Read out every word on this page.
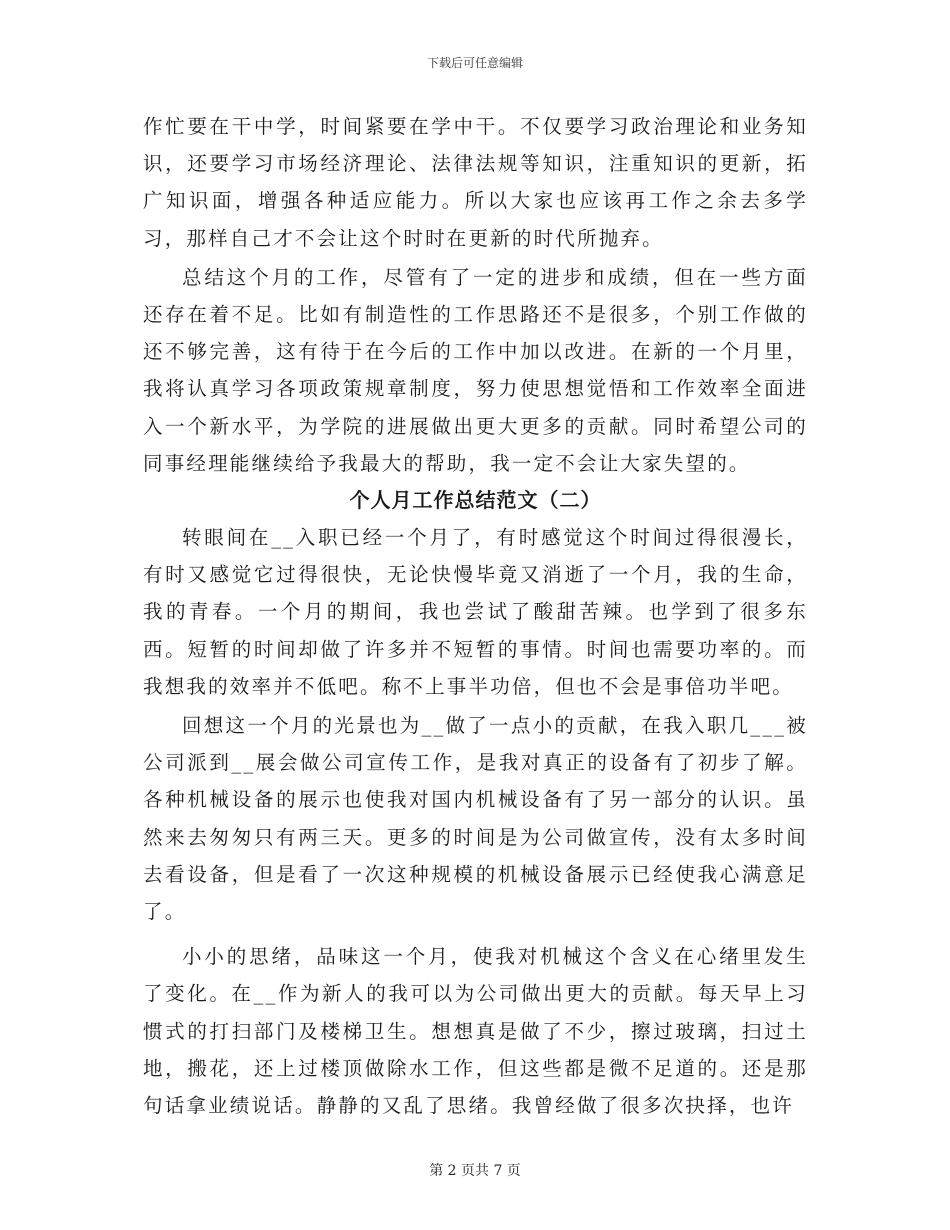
下载后可任意编辑

作忙要在干中学，时间紧要在学中干。不仅要学习政治理论和业务知识，还要学习市场经济理论、法律法规等知识，注重知识的更新，拓广知识面，增强各种适应能力。所以大家也应该再工作之余去多学习，那样自己才不会让这个时时在更新的时代所抛弃。

总结这个月的工作，尽管有了一定的进步和成绩，但在一些方面还存在着不足。比如有制造性的工作思路还不是很多，个别工作做的还不够完善，这有待于在今后的工作中加以改进。在新的一个月里，我将认真学习各项政策规章制度，努力使思想觉悟和工作效率全面进入一个新水平，为学院的进展做出更大更多的贡献。同时希望公司的同事经理能继续给予我最大的帮助，我一定不会让大家失望的。

个人月工作总结范文（二）

转眼间在__入职已经一个月了，有时感觉这个时间过得很漫长，有时又感觉它过得很快，无论快慢毕竟又消逝了一个月，我的生命，我的青春。一个月的期间，我也尝试了酸甜苦辣。也学到了很多东西。短暂的时间却做了许多并不短暂的事情。时间也需要功率的。而我想我的效率并不低吧。称不上事半功倍，但也不会是事倍功半吧。

回想这一个月的光景也为__做了一点小的贡献，在我入职几___被公司派到__展会做公司宣传工作，是我对真正的设备有了初步了解。各种机械设备的展示也使我对国内机械设备有了另一部分的认识。虽然来去匆匆只有两三天。更多的时间是为公司做宣传，没有太多时间去看设备，但是看了一次这种规模的机械设备展示已经使我心满意足了。

小小的思绪，品味这一个月，使我对机械这个含义在心绪里发生了变化。在__作为新人的我可以为公司做出更大的贡献。每天早上习惯式的打扫部门及楼梯卫生。想想真是做了不少，擦过玻璃，扫过土地，搬花，还上过楼顶做除水工作，但这些都是微不足道的。还是那句话拿业绩说话。静静的又乱了思绪。我曾经做了很多次抉择，也许

第 2 页共 7 页
